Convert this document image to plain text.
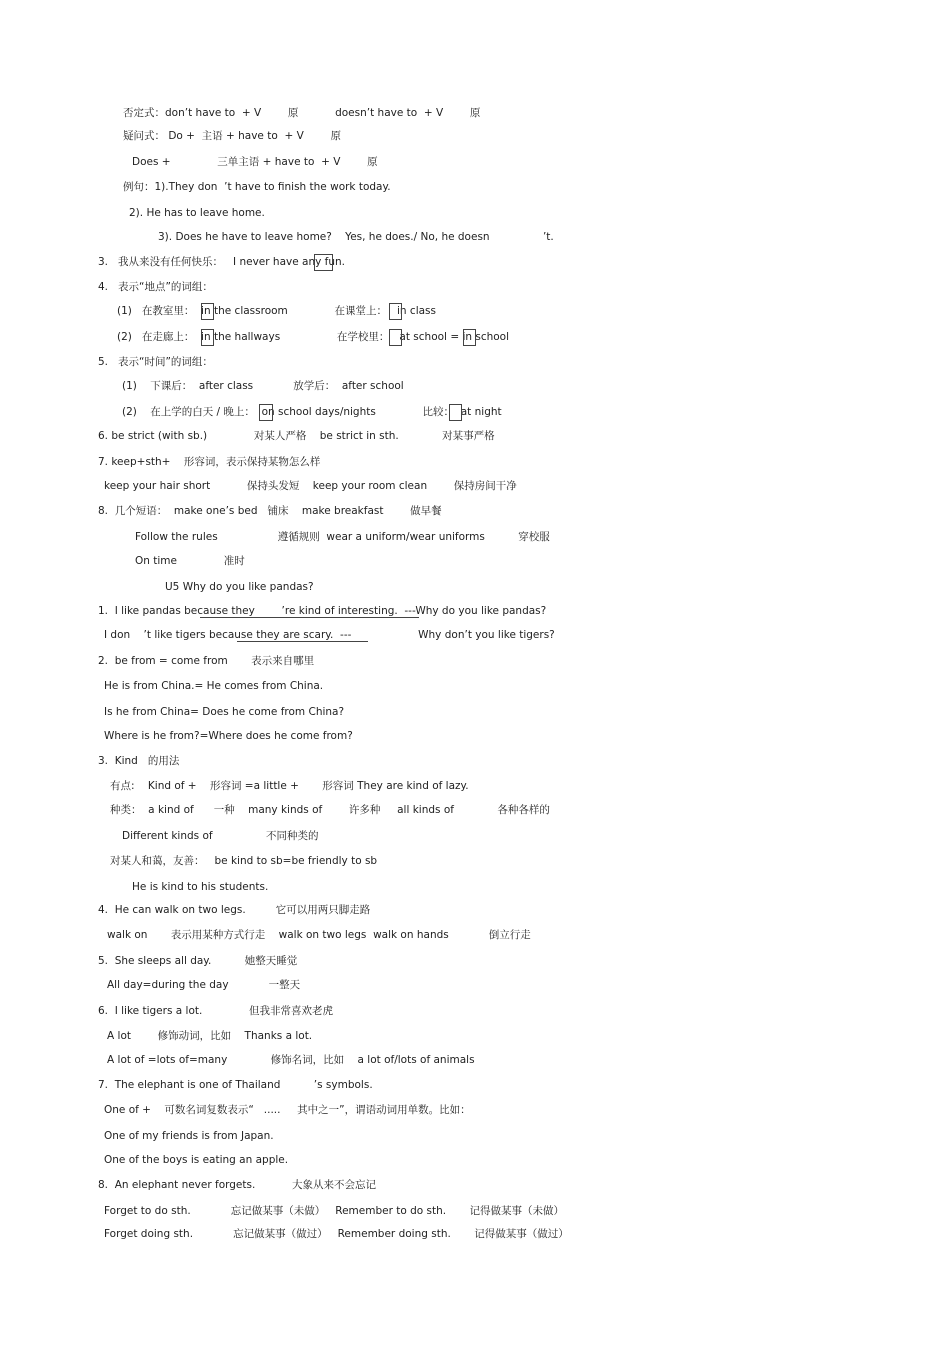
否定式：don’t have to  + V        原           doesn’t have to  + V        原
疑问式： Do +  主语 + have to  + V        原
Does +              三单主语 + have to  + V        原
例句：1).They don  ’t have to finish the work today.
2). He has to leave home.
3). Does he have to leave home?    Yes, he does./ No, he doesn                ’t.
3.   我从来没有任何快乐：   I never have any fun.
4.   表示“地点”的词组：
(1)   在教室里：  in the classroom              在课堂上：   in class
(2)   在走廊上：  in the hallways                 在学校里：   at school = in school
5.   表示“时间”的词组：
(1)    下课后：  after class            放学后：  after school
(2)    在上学的白天 / 晚上：  on school days/nights              比较：  at night
6. be strict (with sb.)              对某人严格    be strict in sth.             对某事严格
7. keep+sth+    形容词，表示保持某物怎么样
keep your hair short           保持头发短    keep your room clean        保持房间干净
8.  几个短语：  make one’s bed   铺床    make breakfast        做早餐
Follow the rules                  遵循规则  wear a uniform/wear uniforms          穿校服
On time              准时
U5 Why do you like pandas?
1.  I like pandas because they        ’re kind of interesting.  ---Why do you like pandas?
I don    ’t like tigers because they are scary.  ---                    Why don’t you like tigers?
2.  be from = come from       表示来自哪里
He is from China.= He comes from China.
Is he from China= Does he come from China?
Where is he from?=Where does he come from?
3.  Kind   的用法
有点:    Kind of +    形容词 =a little +       形容词 They are kind of lazy.
种类：  a kind of      一种    many kinds of        许多种     all kinds of             各种各样的
Different kinds of                不同种类的
对某人和蔼，友善：   be kind to sb=be friendly to sb
He is kind to his students.
4.  He can walk on two legs.         它可以用两只脚走路
walk on       表示用某种方式行走    walk on two legs  walk on hands            倒立行走
5.  She sleeps all day.          她整天睡觉
All day=during the day            一整天
6.  I like tigers a lot.              但我非常喜欢老虎
A lot        修饰动词，比如    Thanks a lot.
A lot of =lots of=many             修饰名词，比如    a lot of/lots of animals
7.  The elephant is one of Thailand          ’s symbols.
One of +    可数名词复数表示“   .....     其中之一”，谓语动词用单数。比如：
One of my friends is from Japan.
One of the boys is eating an apple.
8.  An elephant never forgets.           大象从来不会忘记
Forget to do sth.            忘记做某事（未做）   Remember to do sth.       记得做某事（未做）
Forget doing sth.            忘记做某事（做过）   Remember doing sth.       记得做某事（做过）
